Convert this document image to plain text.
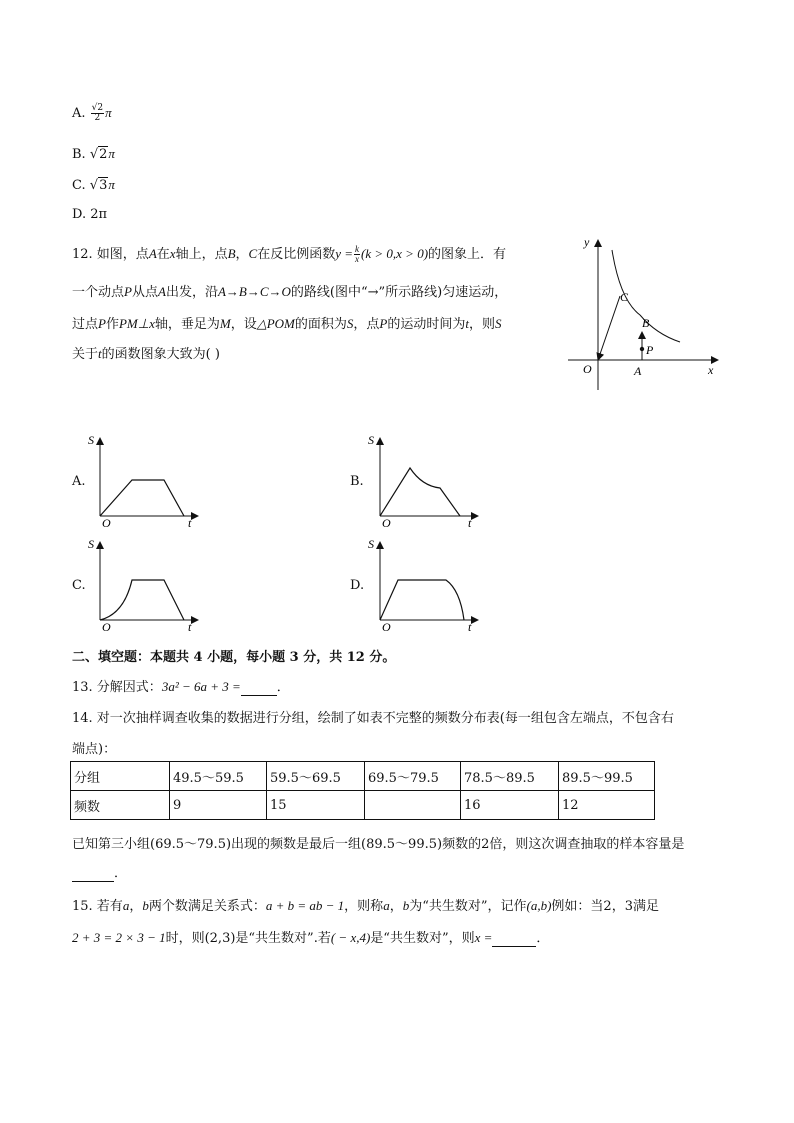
A. $\frac{√2}{2}$ π
B. √2π
C. √3π
D. 2π
12. 如图，点A在x轴上，点B，C在反比例函数$y = \frac{k}{x} (k > 0,x > 0)$的图象上．有
一个动点P从点A出发，沿A→B→C→O的路线(图中“→”所示路线)匀速运动，
过点P作PM⊥x轴，垂足为M，设△POM的面积为S，点P的运动时间为t，则S
关于t的函数图象大致为( )
y
x
O	A
B
C
P
A.
S
O	t
B.
S
O	t
C.
S
O	t
D.
S
O	t
二、填空题：本题共 4 小题，每小题 3 分，共 12 分。
13. 分解因式：3a² − 6a + 3 =	．
14. 对一次抽样调查收集的数据进行分组，绘制了如表不完整的频数分布表(每一组包含左端点，不包含右
端点)：
分组	49.5～59.5	59.5～69.5	69.5～79.5	78.5～89.5	89.5～99.5
频数	9	15		16	12
已知第三小组(69.5～79.5)出现的频数是最后一组(89.5～99.5)频数的2倍，则这次调查抽取的样本容量是
．
15. 若有a，b两个数满足关系式：a + b = ab − 1，则称a，b为“共生数对”，记作(a,b)例如：当2，3满足
2 + 3 = 2 × 3 − 1时，则(2,3)是“共生数对”.若( − x,4)是“共生数对”，则x =	．
